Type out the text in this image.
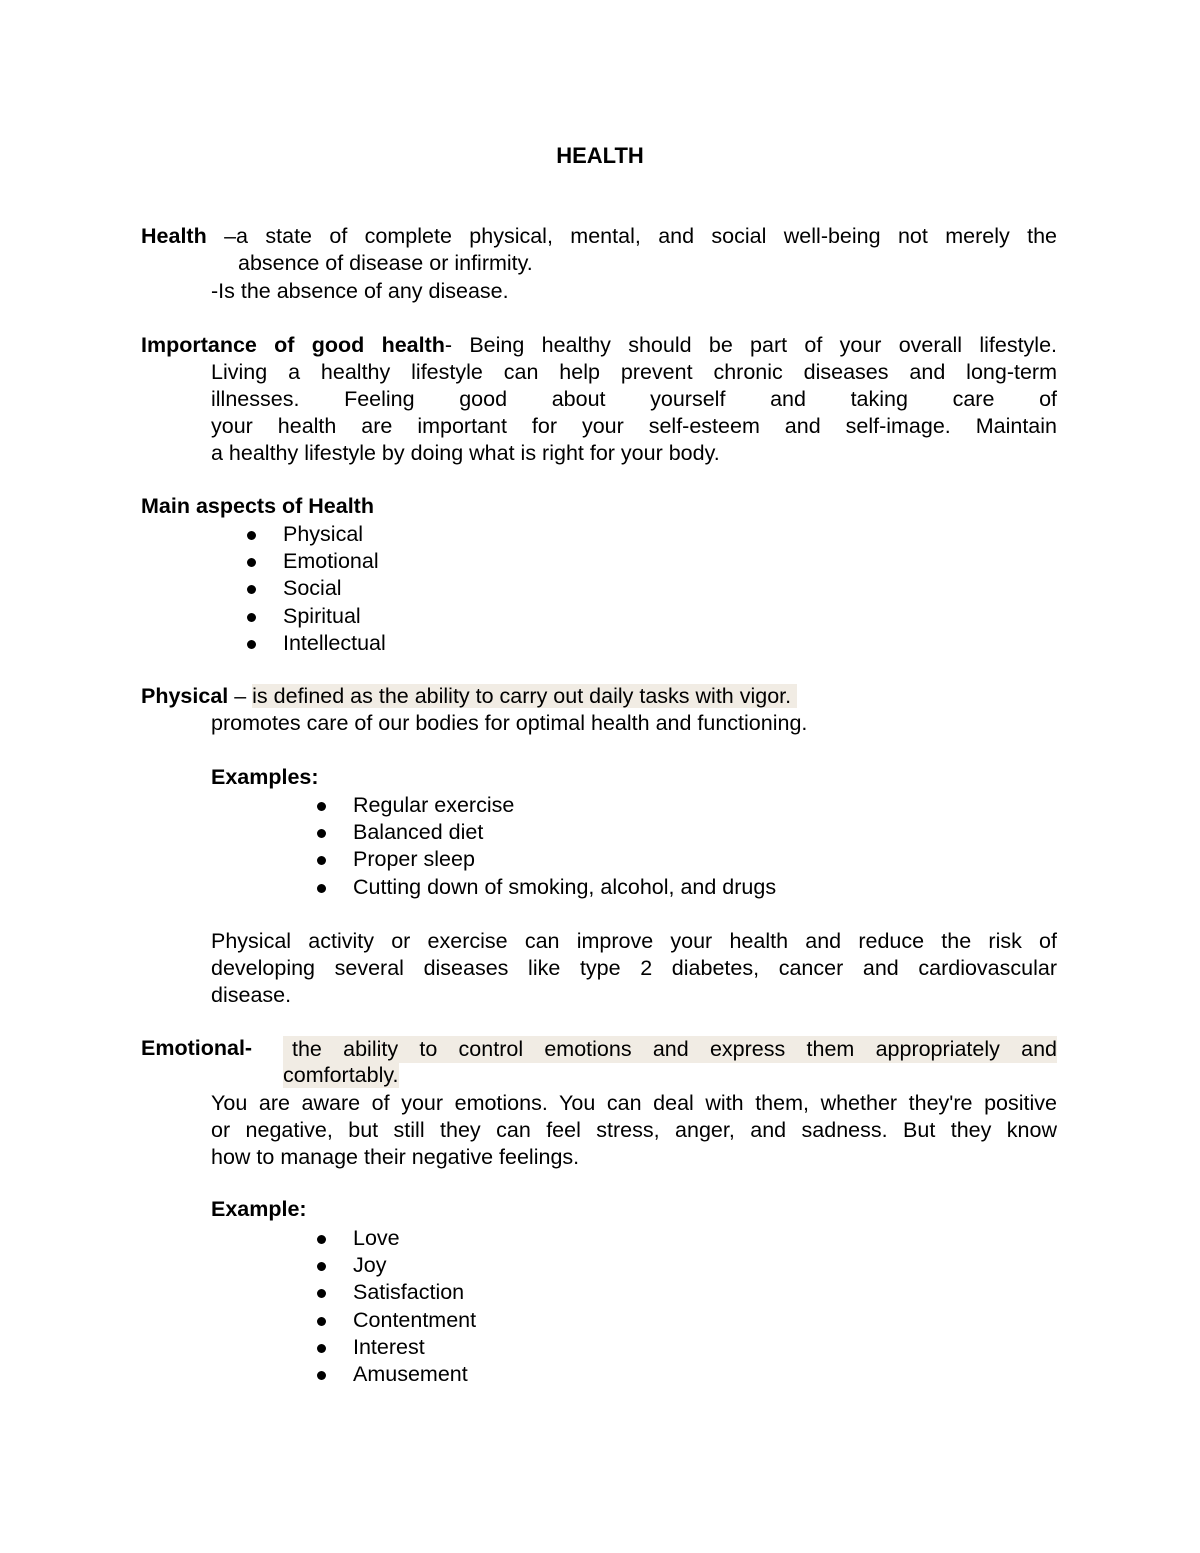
HEALTH
Health –a state of complete physical, mental, and social well-being not merely the
absence of disease or infirmity.
-Is the absence of any disease.
Importance of good health- Being healthy should be part of your overall lifestyle.
Living a healthy lifestyle can help prevent chronic diseases and long-term
illnesses. Feeling good about yourself and taking care of
your health are important for your self-esteem and self-image. Maintain
a healthy lifestyle by doing what is right for your body.
Main aspects of Health
Physical
Emotional
Social
Spiritual
Intellectual
Physical – is defined as the ability to carry out daily tasks with vigor.
promotes care of our bodies for optimal health and functioning.
Examples:
Regular exercise
Balanced diet
Proper sleep
Cutting down of smoking, alcohol, and drugs
Physical activity or exercise can improve your health and reduce the risk of
developing several diseases like type 2 diabetes, cancer and cardiovascular
disease.
Emotional-	the ability to control emotions and express them appropriately and
comfortably.
You are aware of your emotions. You can deal with them, whether they're positive
or negative, but still they can feel stress, anger, and sadness. But they know
how to manage their negative feelings.
Example:
Love
Joy
Satisfaction
Contentment
Interest
Amusement
